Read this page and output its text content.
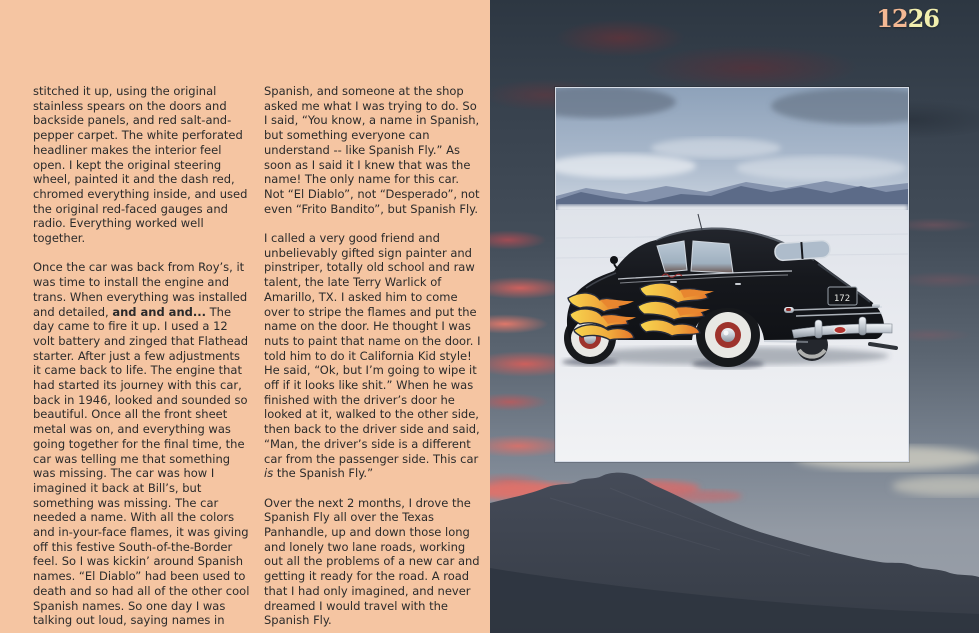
stitched it up, using the original stainless spears on the doors and backside panels, and red salt-and-pepper carpet. The white perforated headliner makes the interior feel open. I kept the original steering wheel, painted it and the dash red, chromed everything inside, and used the original red-faced gauges and radio. Everything worked well together.

Once the car was back from Roy’s, it was time to install the engine and trans. When everything was installed and detailed, and and and... The day came to fire it up. I used a 12 volt battery and zinged that Flathead starter. After just a few adjustments it came back to life. The engine that had started its journey with this car, back in 1946, looked and sounded so beautiful. Once all the front sheet metal was on, and everything was going together for the final time, the car was telling me that something was missing. The car was how I imagined it back at Bill’s, but something was missing. The car needed a name. With all the colors and in-your-face flames, it was giving off this festive South-of-the-Border feel. So I was kickin’ around Spanish names. “El Diablo” had been used to death and so had all of the other cool Spanish names. So one day I was talking out loud, saying names in

Spanish, and someone at the shop asked me what I was trying to do. So I said, “You know, a name in Spanish, but something everyone can understand -- like Spanish Fly.” As soon as I said it I knew that was the name! The only name for this car. Not “El Diablo”, not “Desperado”, not even “Frito Bandito”, but Spanish Fly.

I called a very good friend and unbelievably gifted sign painter and pinstriper, totally old school and raw talent, the late Terry Warlick of Amarillo, TX. I asked him to come over to stripe the flames and put the name on the door. He thought I was nuts to paint that name on the door. I told him to do it California Kid style! He said, “Ok, but I’m going to wipe it off if it looks like shit.” When he was finished with the driver’s door he looked at it, walked to the other side, then back to the driver side and said, “Man, the driver’s side is a different car from the passenger side. This car is the Spanish Fly.”

Over the next 2 months, I drove the Spanish Fly all over the Texas Panhandle, up and down those long and lonely two lane roads, working out all the problems of a new car and getting it ready for the road. A road that I had only imagined, and never dreamed I would travel with the Spanish Fly.

1226
172
